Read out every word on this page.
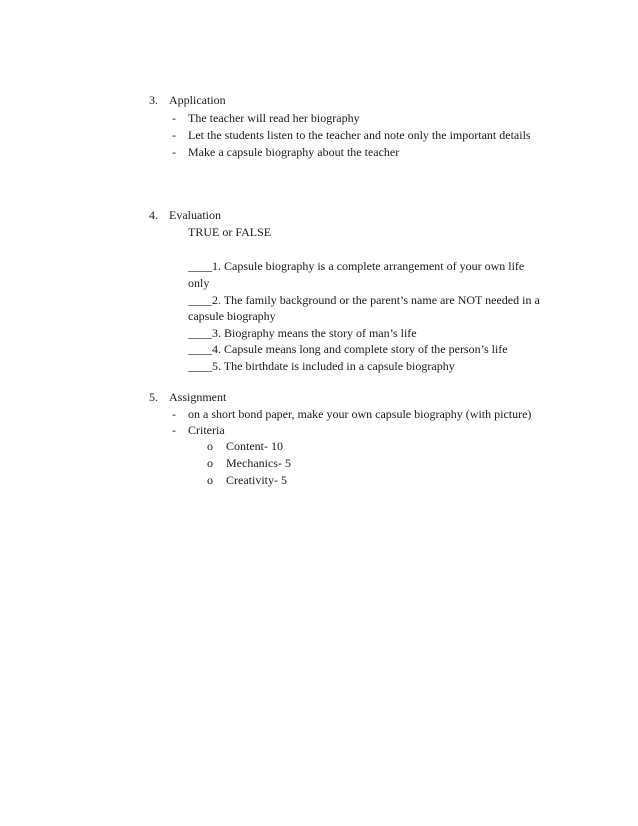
3. Application
- The teacher will read her biography
- Let the students listen to the teacher and note only the important details
- Make a capsule biography about the teacher
4. Evaluation
TRUE or FALSE
____1. Capsule biography is a complete arrangement of your own life
only
____2. The family background or the parent’s name are NOT needed in a
capsule biography
____3. Biography means the story of man’s life
____4. Capsule means long and complete story of the person’s life
____5. The birthdate is included in a capsule biography
5. Assignment
- on a short bond paper, make your own capsule biography (with picture)
- Criteria
o Content- 10
o Mechanics- 5
o Creativity- 5
